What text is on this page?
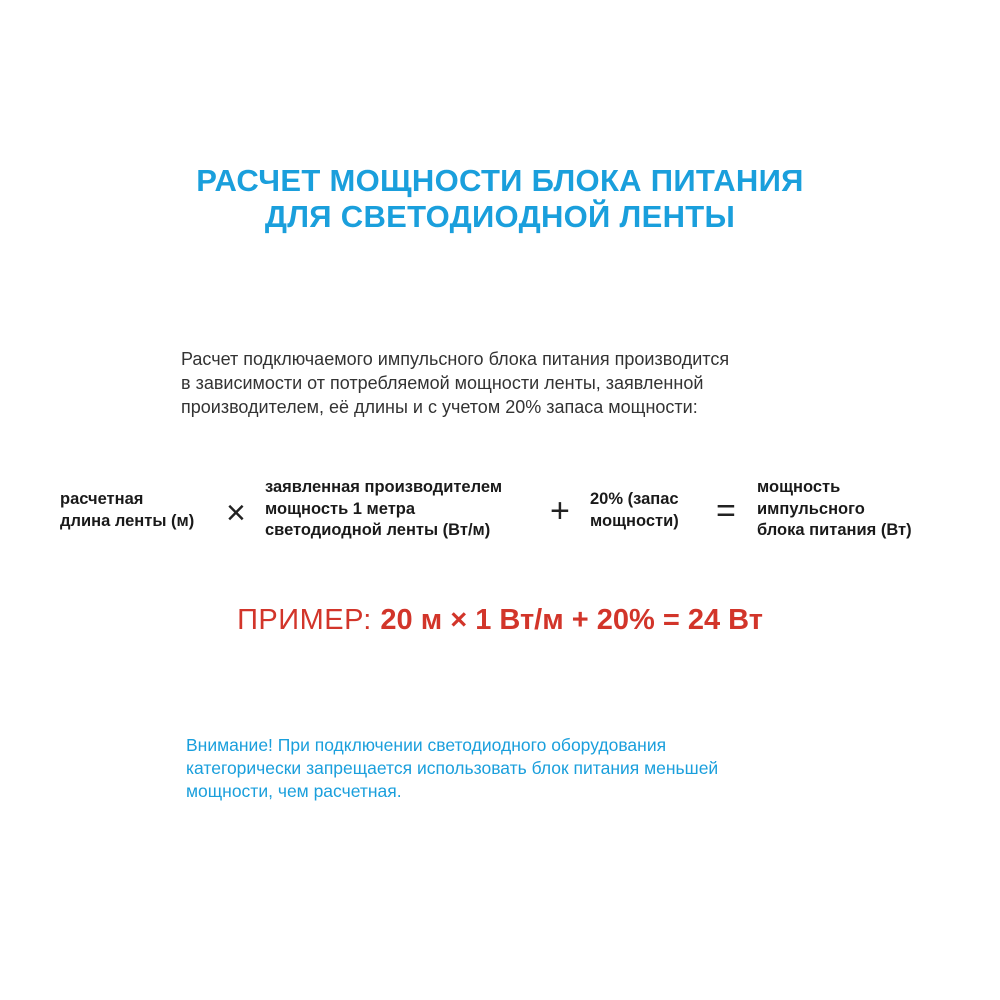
РАСЧЕТ МОЩНОСТИ БЛОКА ПИТАНИЯ
ДЛЯ СВЕТОДИОДНОЙ ЛЕНТЫ
Расчет подключаемого импульсного блока питания производится
в зависимости от потребляемой мощности ленты, заявленной
производителем, её длины и с учетом 20% запаса мощности:
расчетная
длина ленты (м) ×
заявленная производителем
мощность 1 метра
светодиодной ленты (Вт/м)	+ 20% (запас
мощности) =
мощность
импульсного
блока питания (Вт)
ПРИМЕР: 20 м × 1 Вт/м + 20% = 24 Вт
Внимание! При подключении светодиодного оборудования
категорически запрещается использовать блок питания меньшей
мощности, чем расчетная.
